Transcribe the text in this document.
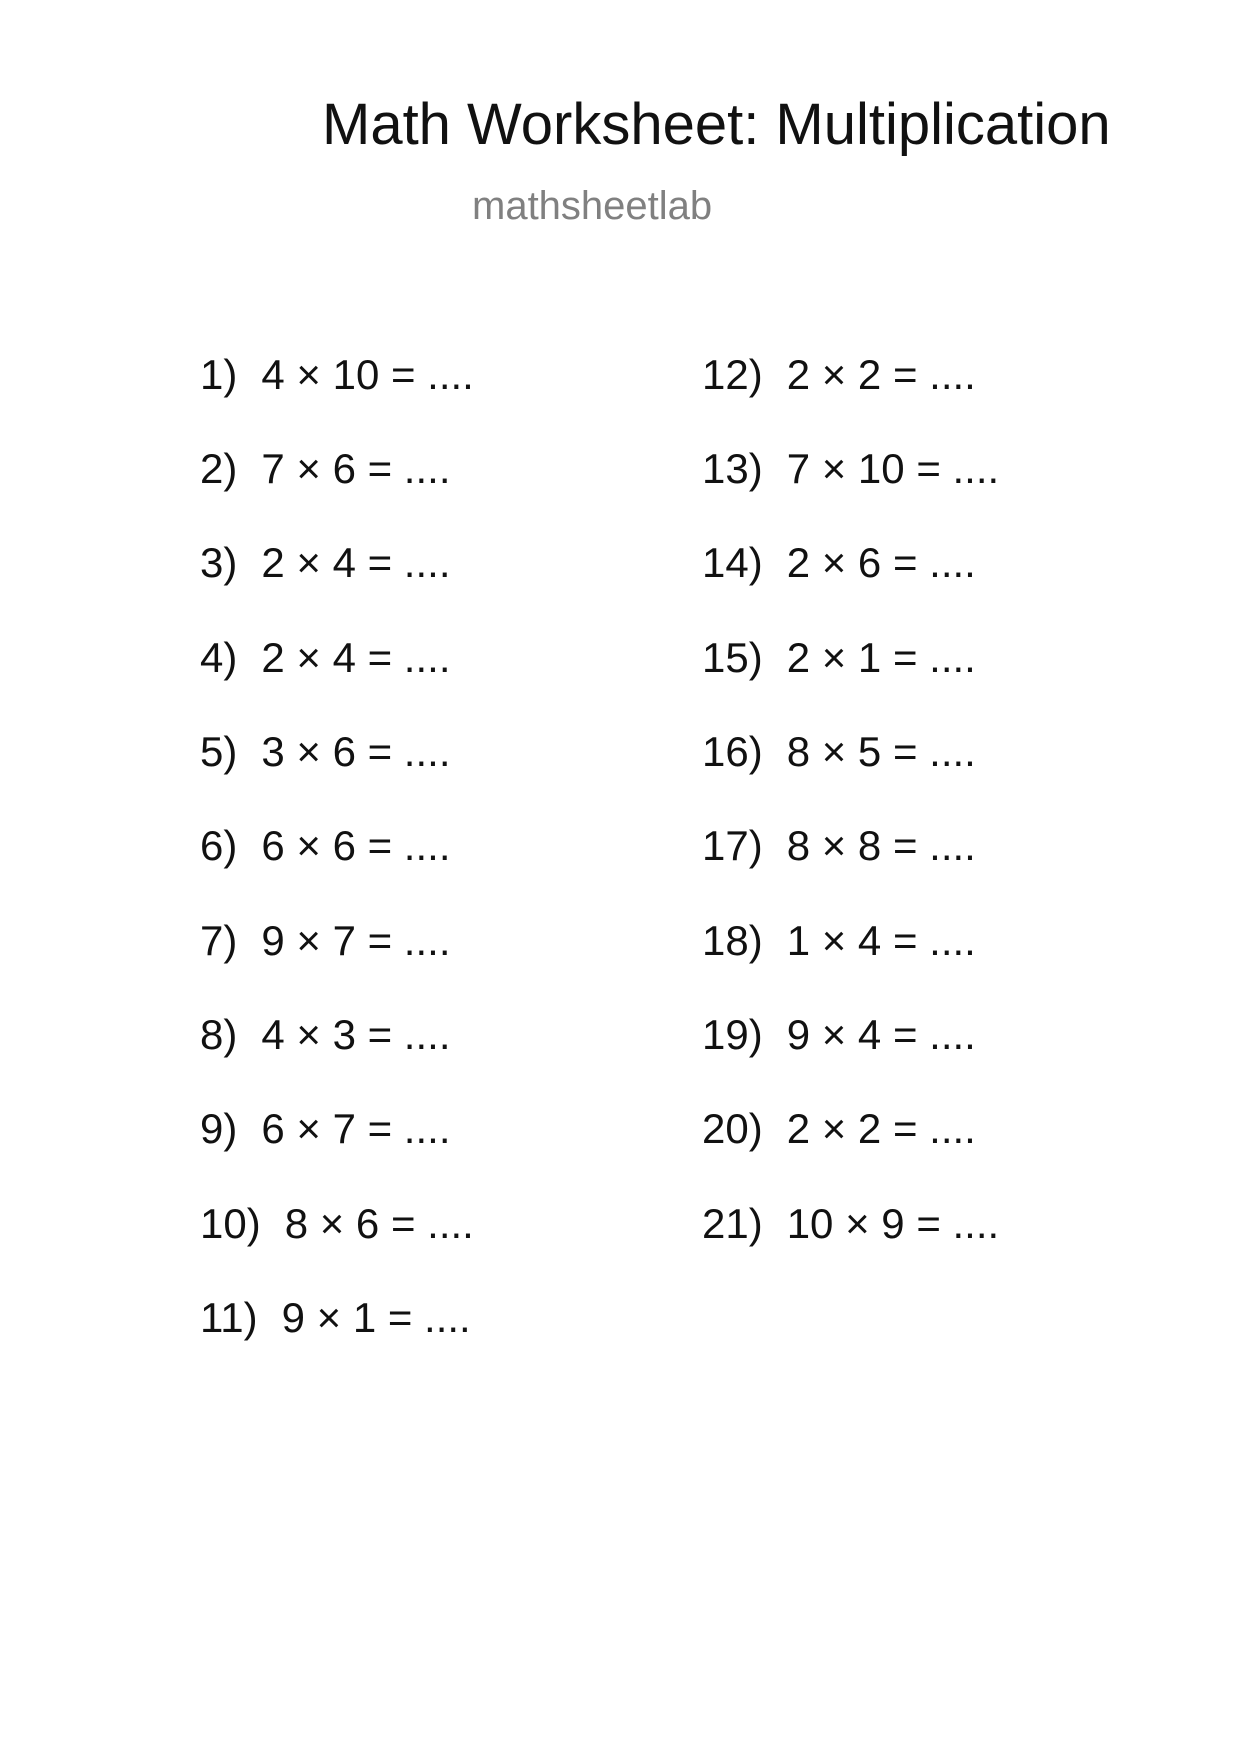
Math Worksheet: Multiplication
mathsheetlab
1) 4 × 10 = ....
2) 7 × 6 = ....
3) 2 × 4 = ....
4) 2 × 4 = ....
5) 3 × 6 = ....
6) 6 × 6 = ....
7) 9 × 7 = ....
8) 4 × 3 = ....
9) 6 × 7 = ....
10) 8 × 6 = ....
11) 9 × 1 = ....
12) 2 × 2 = ....
13) 7 × 10 = ....
14) 2 × 6 = ....
15) 2 × 1 = ....
16) 8 × 5 = ....
17) 8 × 8 = ....
18) 1 × 4 = ....
19) 9 × 4 = ....
20) 2 × 2 = ....
21) 10 × 9 = ....
